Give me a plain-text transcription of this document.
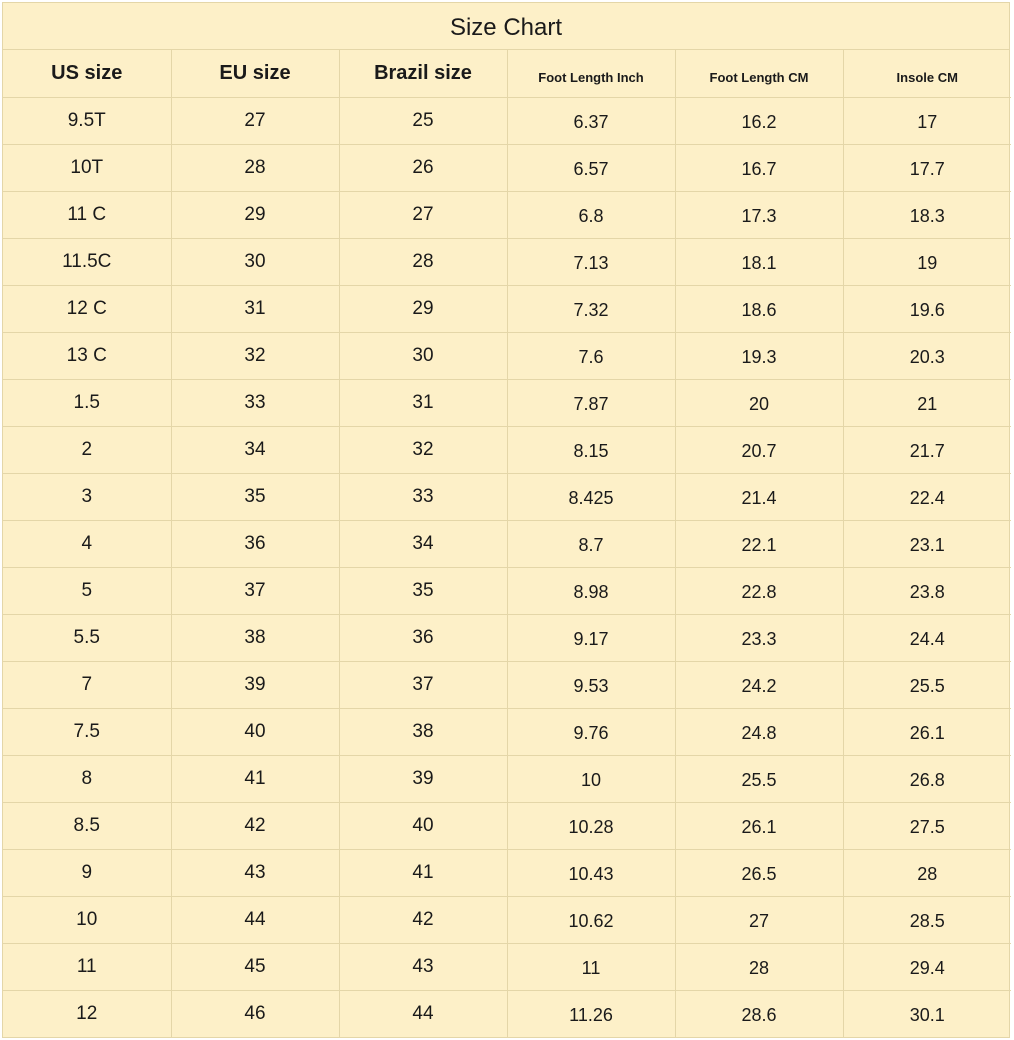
Size Chart
US size	EU size	Brazil size	Foot Length Inch	Foot Length CM	Insole CM
9.5T	27	25	6.37	16.2	17
10T	28	26	6.57	16.7	17.7
11 C	29	27	6.8	17.3	18.3
11.5C	30	28	7.13	18.1	19
12 C	31	29	7.32	18.6	19.6
13 C	32	30	7.6	19.3	20.3
1.5	33	31	7.87	20	21
2	34	32	8.15	20.7	21.7
3	35	33	8.425	21.4	22.4
4	36	34	8.7	22.1	23.1
5	37	35	8.98	22.8	23.8
5.5	38	36	9.17	23.3	24.4
7	39	37	9.53	24.2	25.5
7.5	40	38	9.76	24.8	26.1
8	41	39	10	25.5	26.8
8.5	42	40	10.28	26.1	27.5
9	43	41	10.43	26.5	28
10	44	42	10.62	27	28.5
11	45	43	11	28	29.4
12	46	44	11.26	28.6	30.1
